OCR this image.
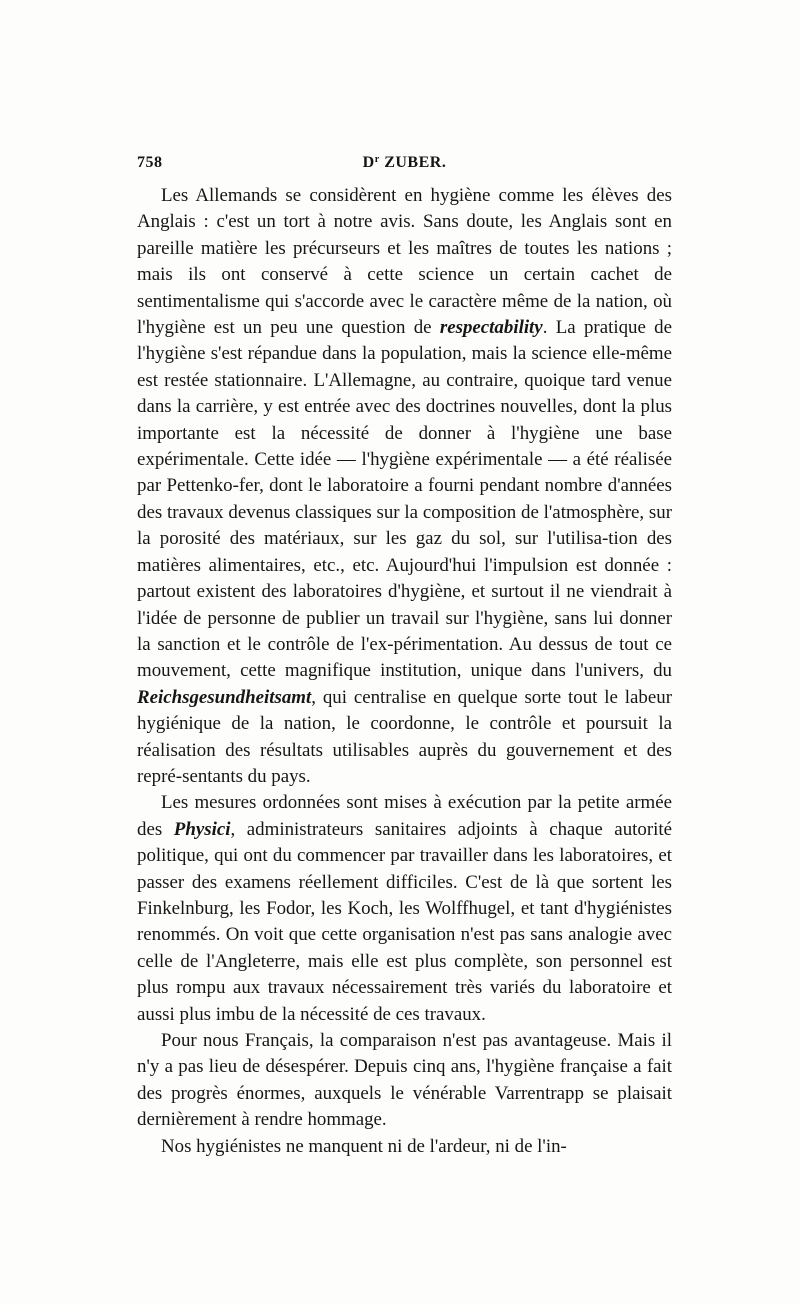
758	$D^r$ ZUBER.

Les Allemands se considèrent en hygiène comme les élèves des Anglais : c'est un tort à notre avis. Sans doute, les Anglais sont en pareille matière les précurseurs et les maîtres de toutes les nations ; mais ils ont conservé à cette science un certain cachet de sentimentalisme qui s'accorde avec le caractère même de la nation, où l'hygiène est un peu une question de respectability. La pratique de l'hygiène s'est répandue dans la population, mais la science elle-même est restée stationnaire. L'Allemagne, au contraire, quoique tard venue dans la carrière, y est entrée avec des doctrines nouvelles, dont la plus importante est la nécessité de donner à l'hygiène une base expérimentale. Cette idée — l'hygiène expérimentale — a été réalisée par Pettenko-fer, dont le laboratoire a fourni pendant nombre d'années des travaux devenus classiques sur la composition de l'atmosphère, sur la porosité des matériaux, sur les gaz du sol, sur l'utilisa-tion des matières alimentaires, etc., etc. Aujourd'hui l'impulsion est donnée : partout existent des laboratoires d'hygiène, et surtout il ne viendrait à l'idée de personne de publier un travail sur l'hygiène, sans lui donner la sanction et le contrôle de l'ex-périmentation. Au dessus de tout ce mouvement, cette magnifique institution, unique dans l'univers, du Reichsgesundheitsamt, qui centralise en quelque sorte tout le labeur hygiénique de la nation, le coordonne, le contrôle et poursuit la réalisation des résultats utilisables auprès du gouvernement et des repré-sentants du pays.

Les mesures ordonnées sont mises à exécution par la petite armée des Physici, administrateurs sanitaires adjoints à chaque autorité politique, qui ont du commencer par travailler dans les laboratoires, et passer des examens réellement difficiles. C'est de là que sortent les Finkelnburg, les Fodor, les Koch, les Wolffhugel, et tant d'hygiénistes renommés. On voit que cette organisation n'est pas sans analogie avec celle de l'Angleterre, mais elle est plus complète, son personnel est plus rompu aux travaux nécessairement très variés du laboratoire et aussi plus imbu de la nécessité de ces travaux.

Pour nous Français, la comparaison n'est pas avantageuse. Mais il n'y a pas lieu de désespérer. Depuis cinq ans, l'hygiène française a fait des progrès énormes, auxquels le vénérable Varrentrapp se plaisait dernièrement à rendre hommage.

Nos hygiénistes ne manquent ni de l'ardeur, ni de l'in-
